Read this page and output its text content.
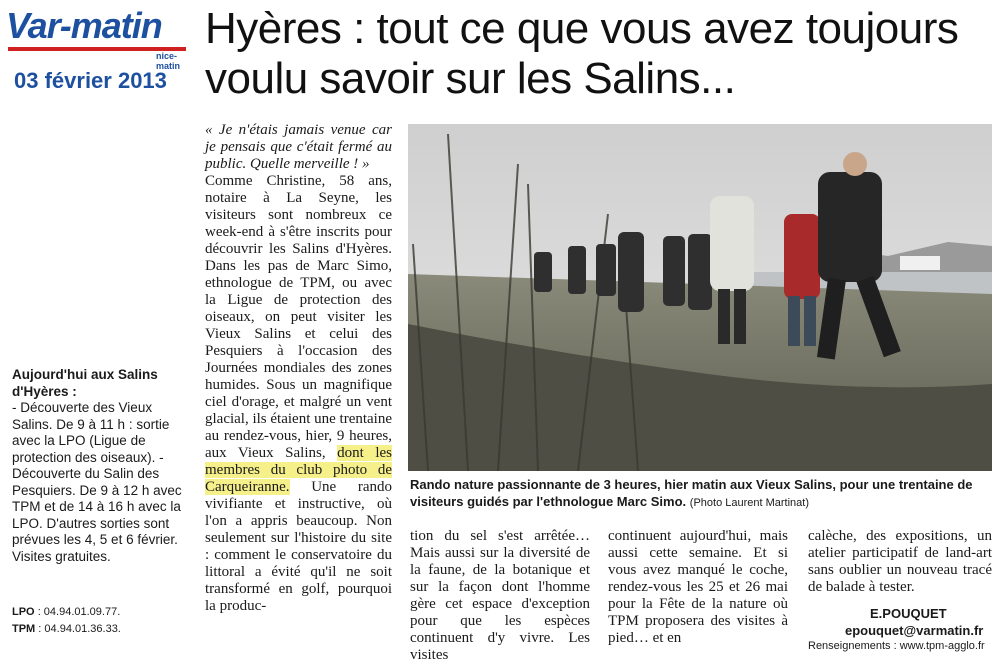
Var-matin
nice-matin
03 février 2013
Hyères : tout ce que vous avez toujours voulu savoir sur les Salins...
Rando nature passionnante de 3 heures, hier matin aux Vieux Salins, pour une trentaine de visiteurs guidés par l'ethnologue Marc Simo. (Photo Laurent Martinat)

« Je n'étais jamais venue car je pensais que c'était fermé au public. Quelle merveille ! »

Comme Christine, 58 ans, notaire à La Seyne, les visiteurs sont nombreux ce week-end à s'être inscrits pour découvrir les Salins d'Hyères. Dans les pas de Marc Simo, ethnologue de TPM, ou avec la Ligue de protection des oiseaux, on peut visiter les Vieux Salins et celui des Pesquiers à l'occasion des Journées mondiales des zones humides. Sous un magnifique ciel d'orage, et malgré un vent glacial, ils étaient une trentaine au rendez-vous, hier, 9 heures, aux Vieux Salins, dont les membres du club photo de Carqueiranne. Une rando vivifiante et instructive, où l'on a appris beaucoup. Non seulement sur l'histoire du site : comment le conservatoire du littoral a évité qu'il ne soit transformé en golf, pourquoi la produc-

tion du sel s'est arrêtée… Mais aussi sur la diversité de la faune, de la botanique et sur la façon dont l'homme gère cet espace d'exception pour que les espèces continuent d'y vivre. Les visites
continuent aujourd'hui, mais aussi cette semaine. Et si vous avez manqué le coche, rendez-vous les 25 et 26 mai pour la Fête de la nature où TPM proposera des visites à pied… et en
calèche, des expositions, un atelier participatif de land-art sans oublier un nouveau tracé de balade à tester.
Aujourd'hui aux Salins d'Hyères :
- Découverte des Vieux Salins. De 9 à 11 h : sortie avec la LPO (Ligue de protection des oiseaux). - Découverte du Salin des Pesquiers. De 9 à 12 h avec TPM et de 14 à 16 h avec la LPO. D'autres sorties sont prévues les 4, 5 et 6 février. Visites gratuites.
LPO : 04.94.01.09.77.
TPM : 04.94.01.36.33.
E.POUQUET
epouquet@varmatin.fr
Renseignements : www.tpm-agglo.fr
